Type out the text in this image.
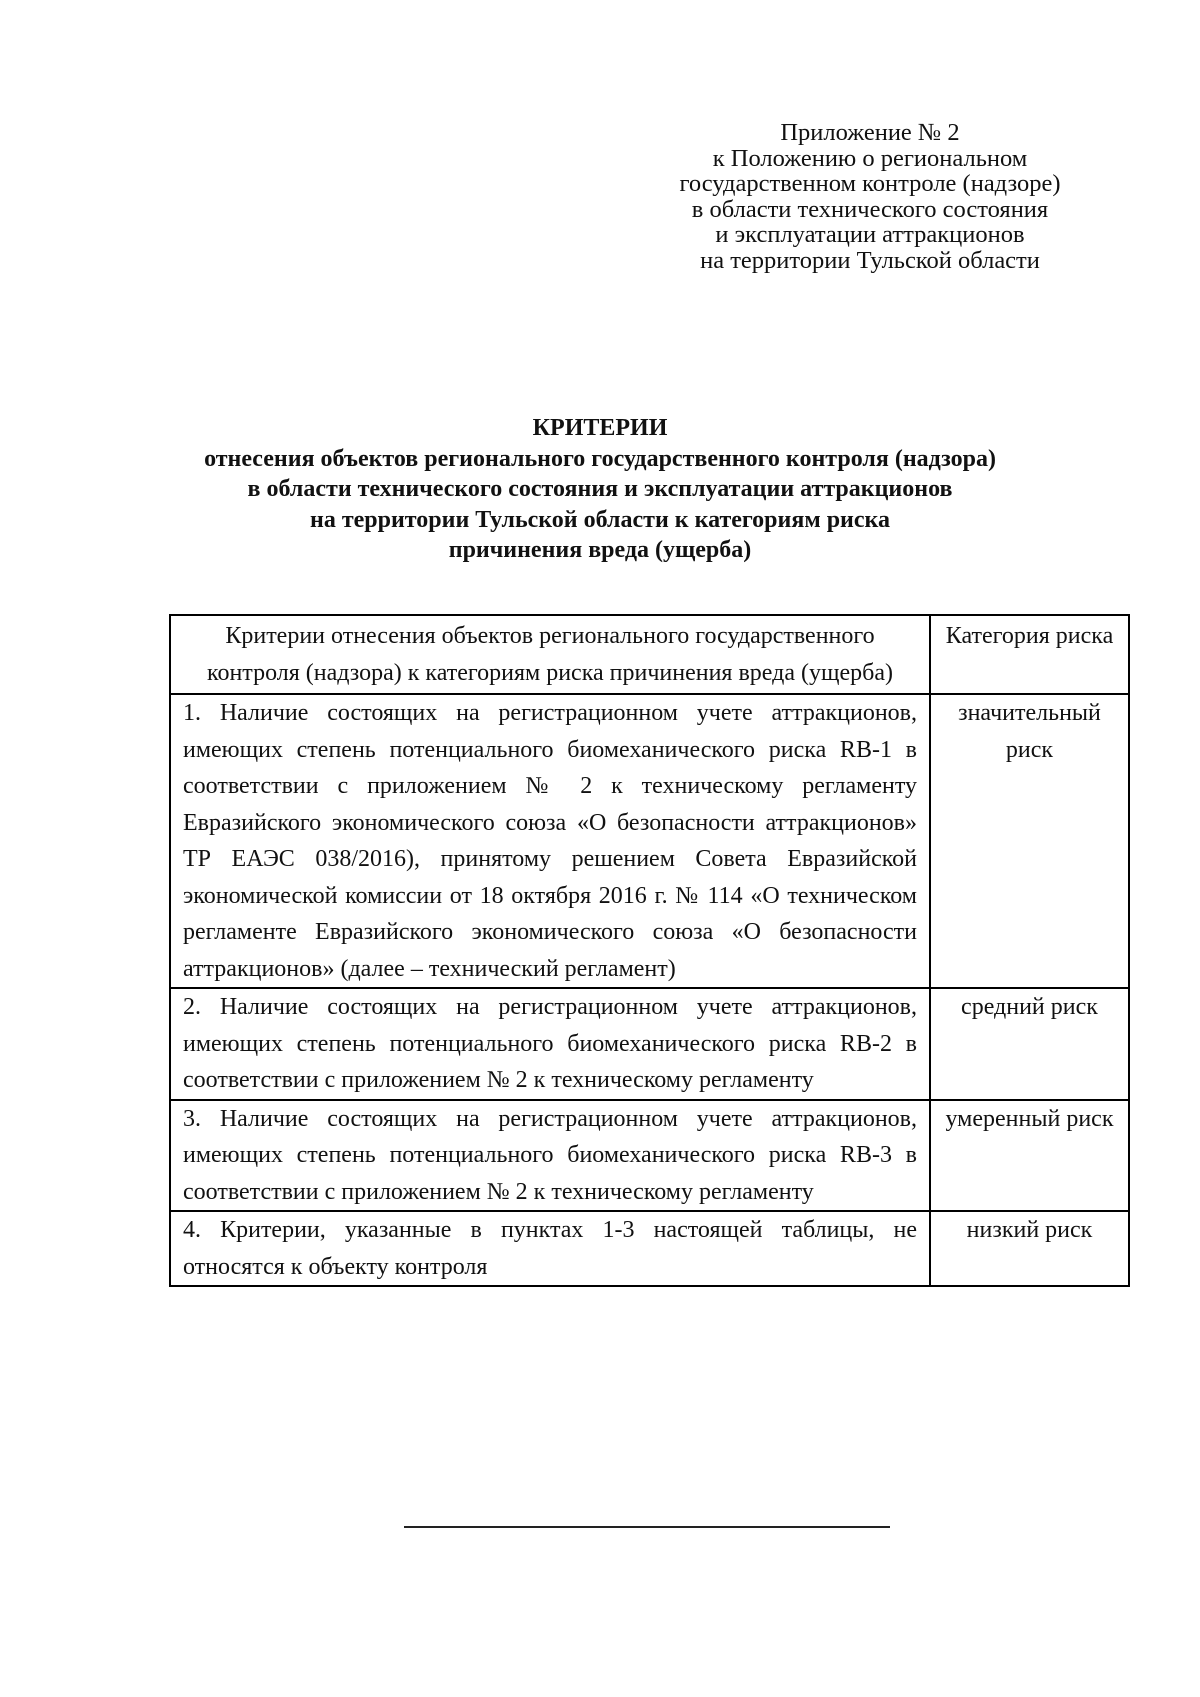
Приложение № 2
к Положению о региональном
государственном контроле (надзоре)
в области технического состояния
и эксплуатации аттракционов
на территории Тульской области
КРИТЕРИИ
отнесения объектов регионального государственного контроля (надзора)
в области технического состояния и эксплуатации аттракционов
на территории Тульской области к категориям риска
причинения вреда (ущерба)
Критерии отнесения объектов регионального государственного контроля (надзора) к категориям риска причинения вреда (ущерба)	Категория риска
1. Наличие состоящих на регистрационном учете аттракционов, имеющих степень потенциального биомеханического риска RB-1 в соответствии с приложением № 2 к техническому регламенту Евразийского экономического союза «О безопасности аттракционов» ТР ЕАЭС 038/2016), принятому решением Совета Евразийской экономической комиссии от 18 октября 2016 г. № 114 «О техническом регламенте Евразийского экономического союза «О безопасности аттракционов» (далее – технический регламент)	значительный риск
2. Наличие состоящих на регистрационном учете аттракционов, имеющих степень потенциального биомеханического риска RB-2 в соответствии с приложением № 2 к техническому регламенту	средний риск
3. Наличие состоящих на регистрационном учете аттракционов, имеющих степень потенциального биомеханического риска RB-3 в соответствии с приложением № 2 к техническому регламенту	умеренный риск
4. Критерии, указанные в пунктах 1-3 настоящей таблицы, не относятся к объекту контроля	низкий риск
